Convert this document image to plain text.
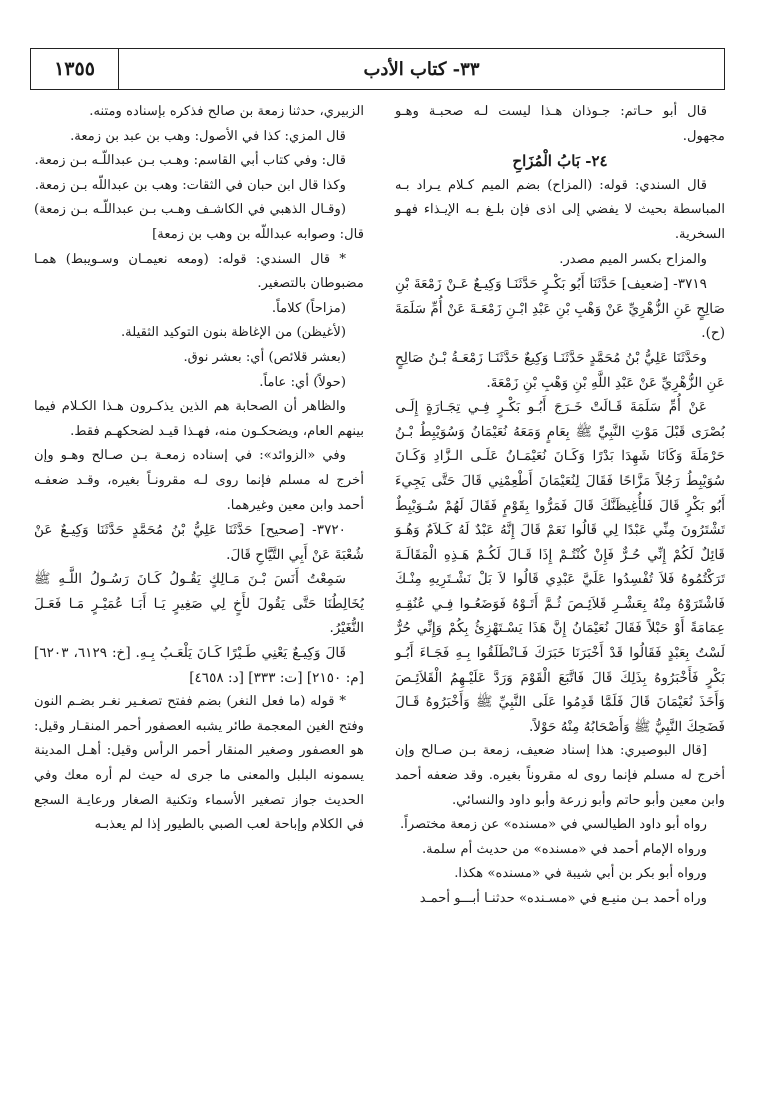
٣٣- كتاب الأدب
١٣٥٥

قال أبو حـاتم: جـوذان هـذا ليست لـه صحبـة وهـو مجهول.

٢٤- بَابُ الْمُزَاحِ

قال السندي: قوله: (المزاح) بضم الميم كـلام يـراد بـه المباسطة بحيث لا يفضي إلى اذى فإن بلـغ بـه الإيـذاء فهـو السخرية.

والمزاح بكسر الميم مصدر.

٣٧١٩- [ضعيف] حَدَّثَنَا أَبُو بَكْـرٍ حَدَّثَنَـا وَكِيـعٌ عَـنْ زَمْعَةَ بْنِ صَالِحٍ عَنِ الزُّهْرِيِّ عَنْ وَهْبِ بْنِ عَبْدِ ابْـنِ زَمْعَـةَ عَنْ أُمِّ سَلَمَةَ (ح).

وحَدَّثَنَا عَلِيُّ بْنُ مُحَمَّدٍ حَدَّثَنَـا وَكِيعٌ حَدَّثَنَـا زَمْعَـةُ بْـنُ صَالِحٍ عَنِ الزُّهْرِيِّ عَنْ عَبْدِ اللَّهِ بْنِ وَهْبِ بْنِ زَمْعَةَ.

عَنْ أُمِّ سَلَمَةَ قَـالَتْ خَـرَجَ أَبُـو بَكْـرٍ فِـي تِجَـارَةٍ إِلَـى بُصْرَى قَبْلَ مَوْتِ النَّبِيِّ ﷺ بِعَامٍ وَمَعَهُ نُعَيْمَانُ وَسُوَيْبِطُ بْـنُ حَرْمَلَةَ وَكَانَا شَهِدَا بَدْرًا وَكَـانَ نُعَيْمَـانُ عَلَـى الـزَّادِ وَكَـانَ سُوَيْبِطُ رَجُلاً مَزَّاحًا فَقَالَ لِنُعَيْمَانَ أَطْعِمْنِي قَالَ حَتَّى يَجِيءَ أَبُو بَكْرٍ قَالَ فَلأُغِيظَنَّكَ قَالَ فَمَرُّوا بِقَوْمٍ فَقَالَ لَهُمْ سُـوَيْبِطٌ تَشْتَرُونَ مِنِّي عَبْدًا لِي قَالُوا نَعَمْ قَالَ إِنَّهُ عَبْدٌ لَهُ كَـلاَمٌ وَهُـوَ قَائِلٌ لَكُمْ إِنِّي حُـرٌّ فَإِنْ كُنْتُـمْ إِذَا قَـالَ لَكُـمْ هَـذِهِ الْمَقَالَـةَ تَرَكْتُمُوهُ فَلاَ تُفْسِدُوا عَلَيَّ عَبْدِي قَالُوا لاَ بَلْ نَشْـتَرِيهِ مِنْـكَ فَاشْتَرَوْهُ مِنْهُ بِعَشْـرِ قَلاَئِـصَ ثُـمَّ أَتَـوْهُ فَوَضَعُـوا فِـي عُنُقِـهِ عِمَامَةً أَوْ حَبْلاً فَقَالَ نُعَيْمَانُ إِنَّ هَذَا يَسْـتَهْزِئُ بِكُمْ وَإِنِّي حُرٌّ لَسْتُ بِعَبْدٍ فَقَالُوا قَدْ أَخْبَرَنَا خَبَرَكَ فَـانْطَلَقُوا بِـهِ فَجَـاءَ أَبُـو بَكْرٍ فَأَخْبَرُوهُ بِذَلِكَ قَالَ فَاتَّبَعَ الْقَوْمَ وَرَدَّ عَلَيْـهِمُ الْقَلاَئِـصَ وَأَخَذَ نُعَيْمَانَ قَالَ فَلَمَّا قَدِمُوا عَلَى النَّبِيِّ ﷺ وَأَخْبَرُوهُ قَـالَ فَضَحِكَ النَّبِيُّ ﷺ وَأَصْحَابُهُ مِنْهُ حَوْلاً.

[قال البوصيري: هذا إسناد ضعيف، زمعة بـن صـالح وإن أخرج له مسلم فإنما روى له مقروناً بغيره. وقد ضعفه أحمد وابن معين وأبو حاتم وأبو زرعة وأبو داود والنسائي.

رواه أبو داود الطيالسي في «مسنده» عن زمعة مختصراً.

ورواه الإمام أحمد في «مسنده» من حديث أم سلمة.

ورواه أبو بكر بن أبي شيبة في «مسنده» هكذا.

وراه أحمد بـن منيـع في «مسـنده» حدثنـا أبـــو أحمـد

الزبيري، حدثنا زمعة بن صالح فذكره بإسناده ومتنه.

قال المزي: كذا في الأصول: وهب بن عبد بن زمعة.

قال: وفي كتاب أبي القاسم: وهـب بـن عبداللّـه بـن زمعة.

وكذا قال ابن حبان في الثقات: وهب بن عبداللّه بـن زمعة.

(وقـال الذهبي في الكاشـف وهـب بـن عبداللّـه بـن زمعة) قال: وصوابه عبداللّه بن وهب بن زمعة]

* قال السندي: قوله: (ومعه نعيمـان وسـويبط) همـا مضبوطان بالتصغير.

(مزاحاً) كلاماً.

(لأغيظن) من الإغاظة بنون التوكيد الثقيلة.

(بعشر قلائص) أي: بعشر نوق.

(حولاً) أي: عاماً.

والظاهر أن الصحابة هم الذين يذكـرون هـذا الكـلام فيما بينهم العام، ويضحكـون منه، فهـذا قيـد لضحكهـم فقط.

وفي «الزوائد»: في إسناده زمعـة بـن صـالح وهـو وإن أخرج له مسلم فإنما روى لـه مقرونـاً بغيره، وقـد ضعفـه أحمد وابن معين وغيرهما.

٣٧٢٠- [صحيح] حَدَّثَنَا عَلِيُّ بْنُ مُحَمَّدٍ حَدَّثَنَا وَكِيـعٌ عَنْ شُعْبَةَ عَنْ أَبِي التَّيَّاحِ قَالَ.

سَمِعْتُ أَنَسَ بْـنَ مَـالِكٍ يَقُـولُ كَـانَ رَسُـولُ اللَّـهِ ﷺ يُخَالِطُنَا حَتَّى يَقُولَ لأَخٍ لِي صَغِيرٍ يَـا أَبَـا عُمَيْـرٍ مَـا فَعَـلَ النُّغَيْرُ.

قَالَ وَكِيـعٌ يَعْنِي طَـيْرًا كَـانَ يَلْعَـبُ بِـهِ. [خ: ٦١٢٩، ٦٢٠٣] [م: ٢١٥٠] [ت: ٣٣٣] [د: ٤٦٥٨]

* قوله (ما فعل النغر) بضم ففتح تصغـير نغـر بضـم النون وفتح الغين المعجمة طائر يشبه العصفور أحمر المنقـار وقيل: هو العصفور وصغير المنقار أحمر الرأس وقيل: أهـل المدينة يسمونه البلبل والمعنى ما جرى له حيث لم أره معك وفي الحديث جواز تصغير الأسماء وتكنية الصغار ورعايـة السجع في الكلام وإباحة لعب الصبي بالطيور إذا لم يعذبـه
